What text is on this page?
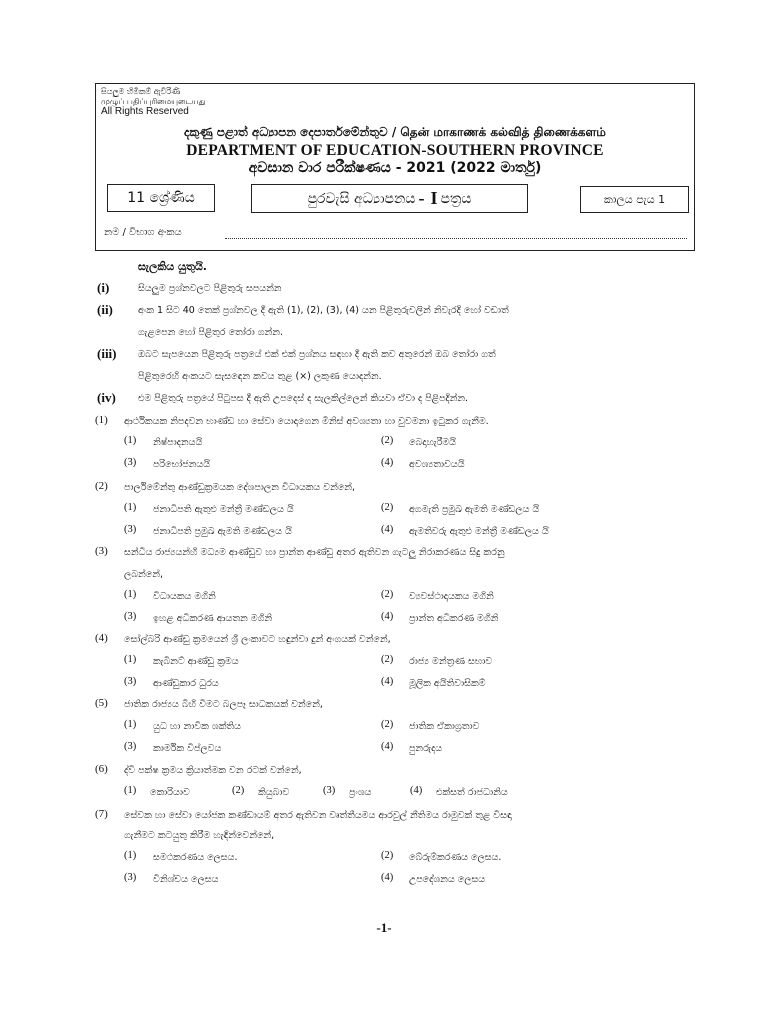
සියලුම හිමිකම් ඇවිරිණි
முழுப் பதிப்புரிமையுடையது
All Rights Reserved
දකුණු පළාත් අධ්‍යාපන දෙපාර්තමේන්තුව / தென் மாகாணக் கல்வித் திணைக்களம்
DEPARTMENT OF EDUCATION-SOUTHERN PROVINCE
අවසාන වාර පරීක්ෂණය - 2021 (2022 මාර්තු)
11 ශ්‍රේණිය	පුරවැසි අධ්‍යාපනය - I පත්‍රය	කාලය පැය 1
නම / විභාග අංකය
සැලකිය යුතුයි.
(i)	සියලුම ප්‍රශ්නවලට පිළිතුරු සපයන්න
(ii)	අංක 1 සිට 40 තෙක් ප්‍රශ්නවල දී ඇති (1), (2), (3), (4) යන පිළිතුරුවලින් නිවැරදි හෝ වඩාත්
ගැළපෙන හෝ පිළිතුර තෝරා ගන්න.
(iii) ඔබට සැපයෙන පිළිතුරු පත්‍රයේ එක් එක් ප්‍රශ්නය සඳහා දී ඇති කව අතුරෙන් ඔබ තෝරා ගත්
පිළිතුරෙහි අංකයට සැසඳෙන කවය තුළ (×) ලකුණ යොදන්න.
(iv) එම පිළිතුරු පත්‍රයේ පිටුපස දී ඇති උපදෙස් ද සැලකිල්ලෙන් කියවා ඒවා ද පිළිපදින්න.
(1) ආර්ථිකයක නිපදවන භාණ්ඩ හා සේවා යොදාගෙන මිනිස් අවශ්‍යතා හා වුවමනා ඉටුකර ගැනීම.
(1) නිෂ්පාදනයයි	(2) බෙදාහැරීමයි
(3) පරිභෝජනයයි	(4) අවශ්‍යතාවයයි
(2) පාර්ලිමේන්තු ආණ්ඩුක්‍රමයක දේශපාලන විධායකය වන්නේ,
(1) ජනාධිපති ඇතුළු මන්ත්‍රී මණ්ඩලය යි	(2) අගමැති ප්‍රමුඛ ඇමති මණ්ඩලය යි
(3) ජනාධිපති ප්‍රමුඛ ඇමති මණ්ඩලය යි	(4) ඇමතිවරු ඇතුළු මන්ත්‍රී මණ්ඩලය යි
(3) සන්ධීය රාජ්‍යයන්හි මධ්‍යම ආණ්ඩුව හා ප්‍රාන්ත ආණ්ඩු අතර ඇතිවන ගැටලු නිරාකරණය සිදු කරනු
ලබන්නේ,
(1) විධායකය මගිනි	(2) ව්‍යවස්ථාදායකය මගිනි
(3) ඉහළ අධිකරණ ආයතන මගිනි	(4) ප්‍රාන්ත අධිකරණ මගිනි
(4) සෝල්බරි ආණ්ඩු ක්‍රමයෙන් ශ්‍රී ලංකාවට හඳුන්වා දුන් අංගයක් වන්නේ,
(1) කැබිනට් ආණ්ඩු ක්‍රමය	(2) රාජ්‍ය මන්ත්‍රණ සභාව
(3) ආණ්ඩුකාර ධුරය	(4) මූලික අයිතිවාසිකම්
(5) ජාතික රාජ්‍යය බිහි වීමට බලපෑ සාධකයක් වන්නේ,
(1) යුධ හා නාවික ශක්තිය	(2) ජාතික ඒකාග්‍රතාව
(3) කාර්මික විප්ලවය	(4) පුනරුදය
(6) ද්වි පක්ෂ ක්‍රමය ක්‍රියාත්මක වන රටක් වන්නේ,
(1) කොරියාව	(2) කියුබාව	(3) ප්‍රංශය	(4) එක්සත් රාජධානිය
(7) සේවක හා සේවා යෝජක කණ්ඩායම් අතර ඇතිවන වෘත්තීයමය ආරවුල් නීතිමය රාමුවක් තුළ විසඳා
ගැනීමට කටයුතු කිරීම හැඳින්වෙන්නේ,
(1) සමථකරණය ලෙසය.	(2) බේරුම්කරණය ලෙසය.
(3) විනිශ්චය ලෙසය	(4) උපදේශනය ලෙසය
-1-
